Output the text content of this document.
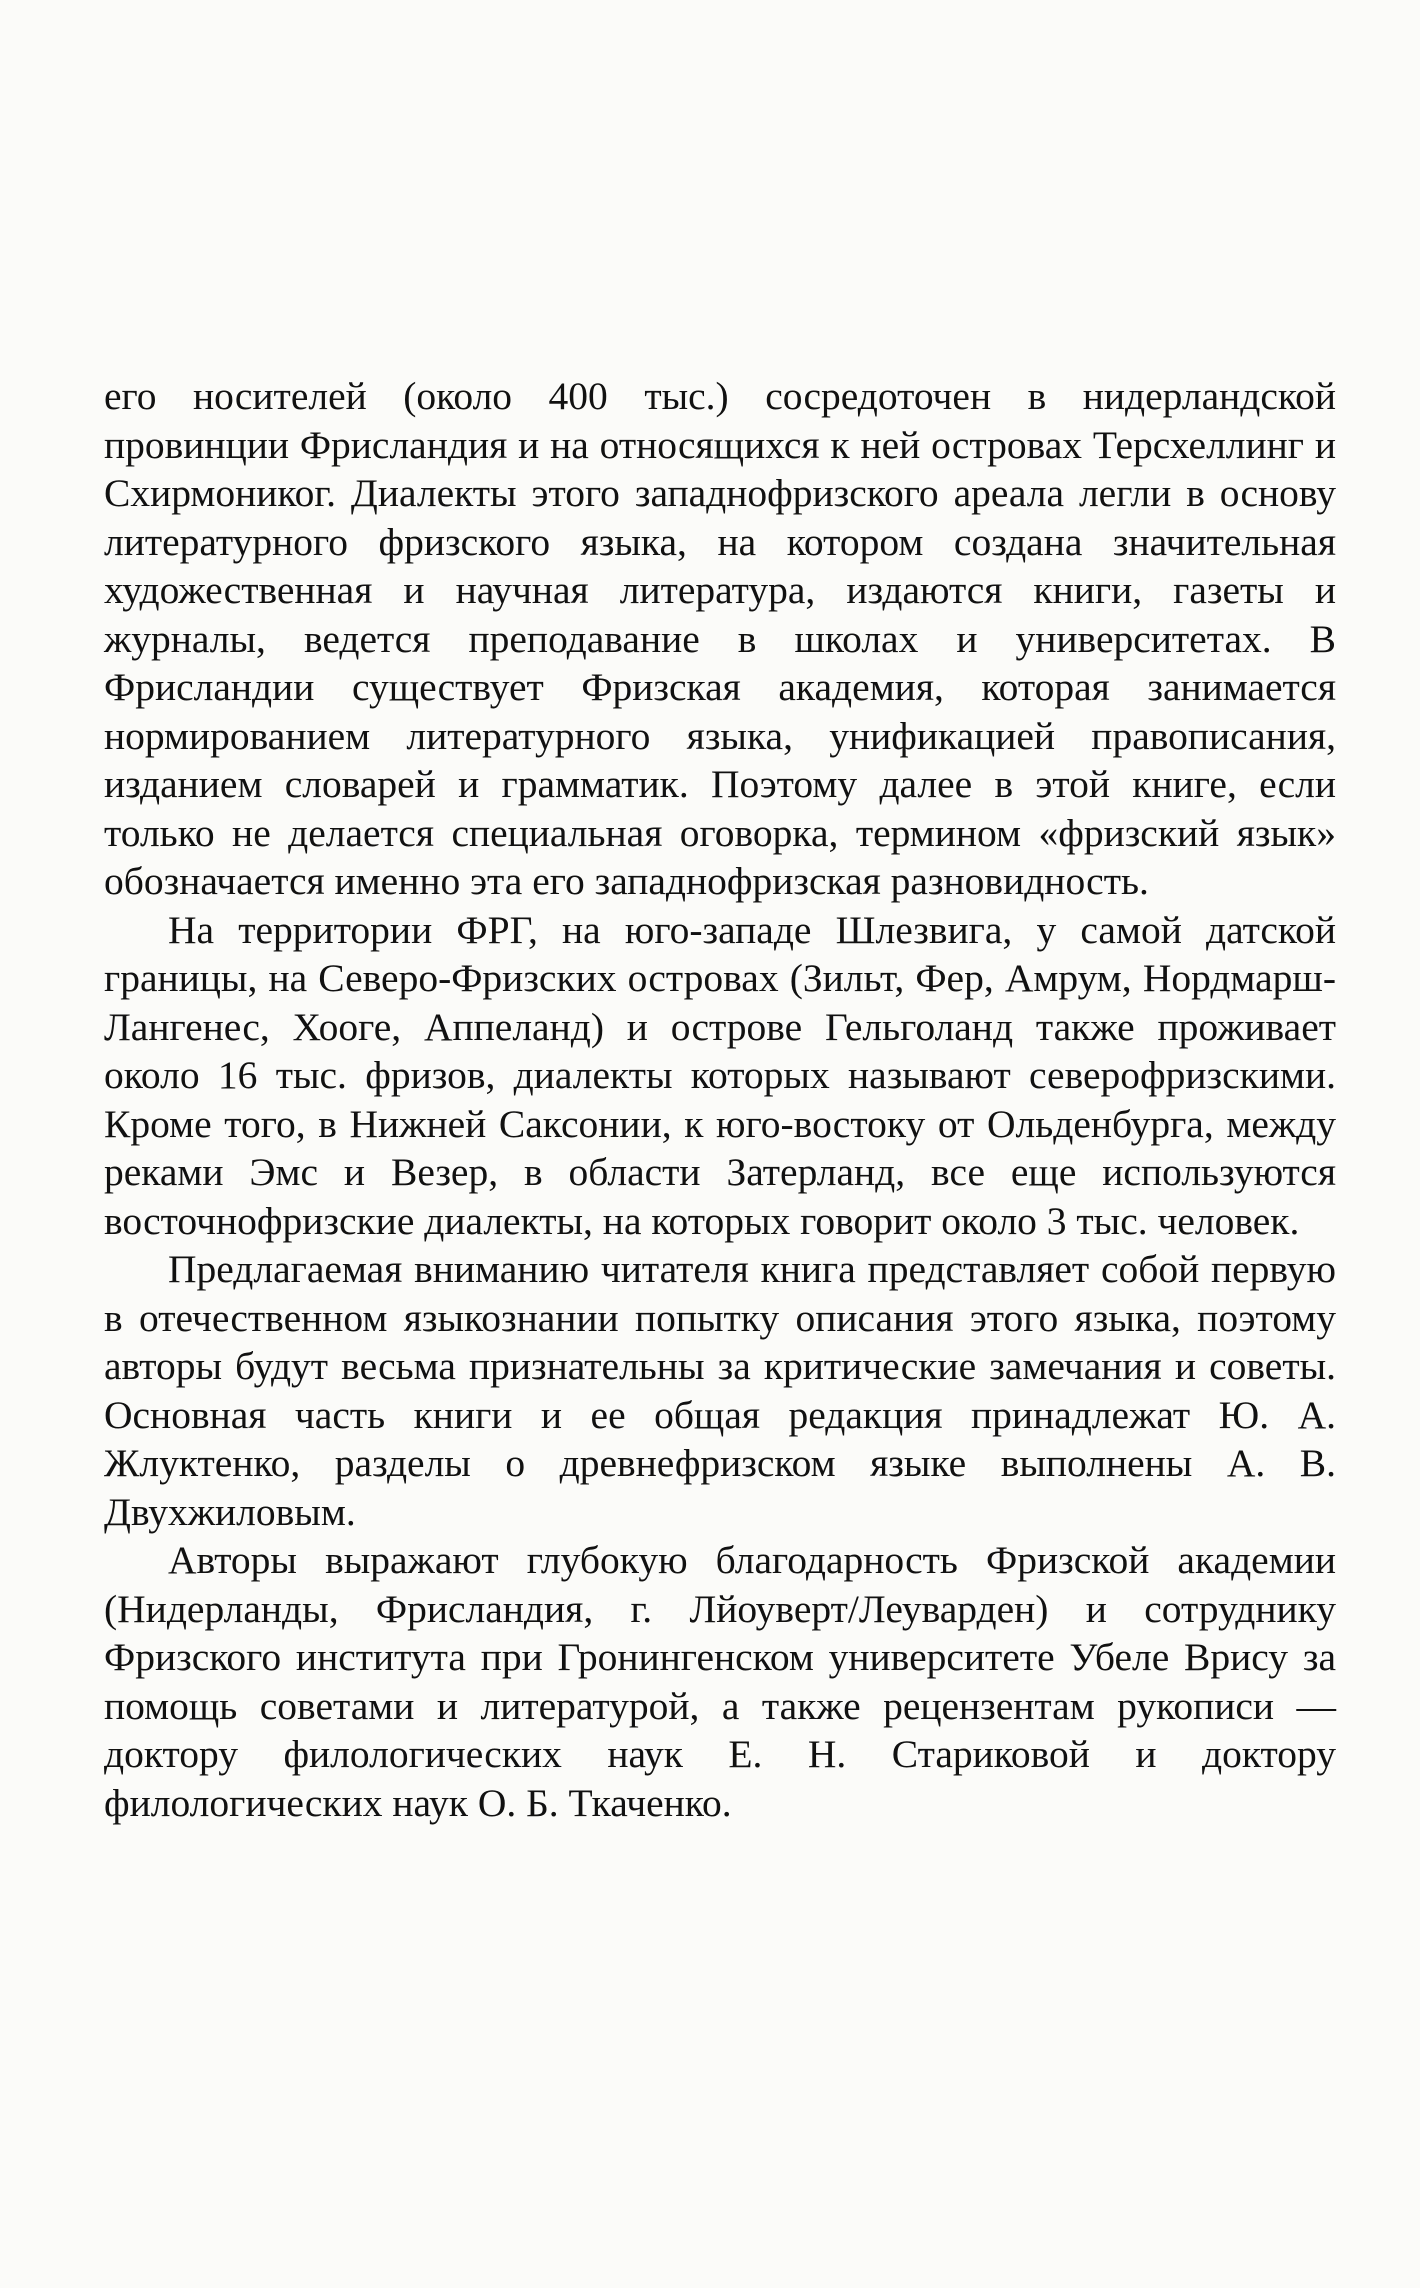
его носителей (около 400 тыс.) сосредоточен в нидерландской провинции Фрисландия и на относящихся к ней островах Терсхеллинг и Схирмониког. Диалекты этого западнофризского ареала легли в основу литературного фризского языка, на котором создана значительная художественная и научная литература, издаются книги, газеты и журналы, ведется преподавание в школах и университетах. В Фрисландии существует Фризская академия, которая занимается нормированием литературного языка, унификацией правописания, изданием словарей и грамматик. Поэтому далее в этой книге, если только не делается специальная оговорка, термином «фризский язык» обозначается именно эта его западнофризская разновидность.

На территории ФРГ, на юго-западе Шлезвига, у самой датской границы, на Северо-Фризских островах (Зильт, Фер, Амрум, Нордмарш-Лангенес, Хооге, Аппеланд) и острове Гельголанд также проживает около 16 тыс. фризов, диалекты которых называют северофризскими. Кроме того, в Нижней Саксонии, к юго-востоку от Ольденбурга, между реками Эмс и Везер, в области Затерланд, все еще используются восточнофризские диалекты, на которых говорит около 3 тыс. человек.

Предлагаемая вниманию читателя книга представляет собой первую в отечественном языкознании попытку описания этого языка, поэтому авторы будут весьма признательны за критические замечания и советы. Основная часть книги и ее общая редакция принадлежат Ю. А. Жлуктенко, разделы о древнефризском языке выполнены А. В. Двухжиловым.

Авторы выражают глубокую благодарность Фризской академии (Нидерланды, Фрисландия, г. Лйоуверт/Леуварден) и сотруднику Фризского института при Гронингенском университете Убеле Врису за помощь советами и литературой, а также рецензентам рукописи — доктору филологических наук Е. Н. Стариковой и доктору филологических наук О. Б. Ткаченко.
